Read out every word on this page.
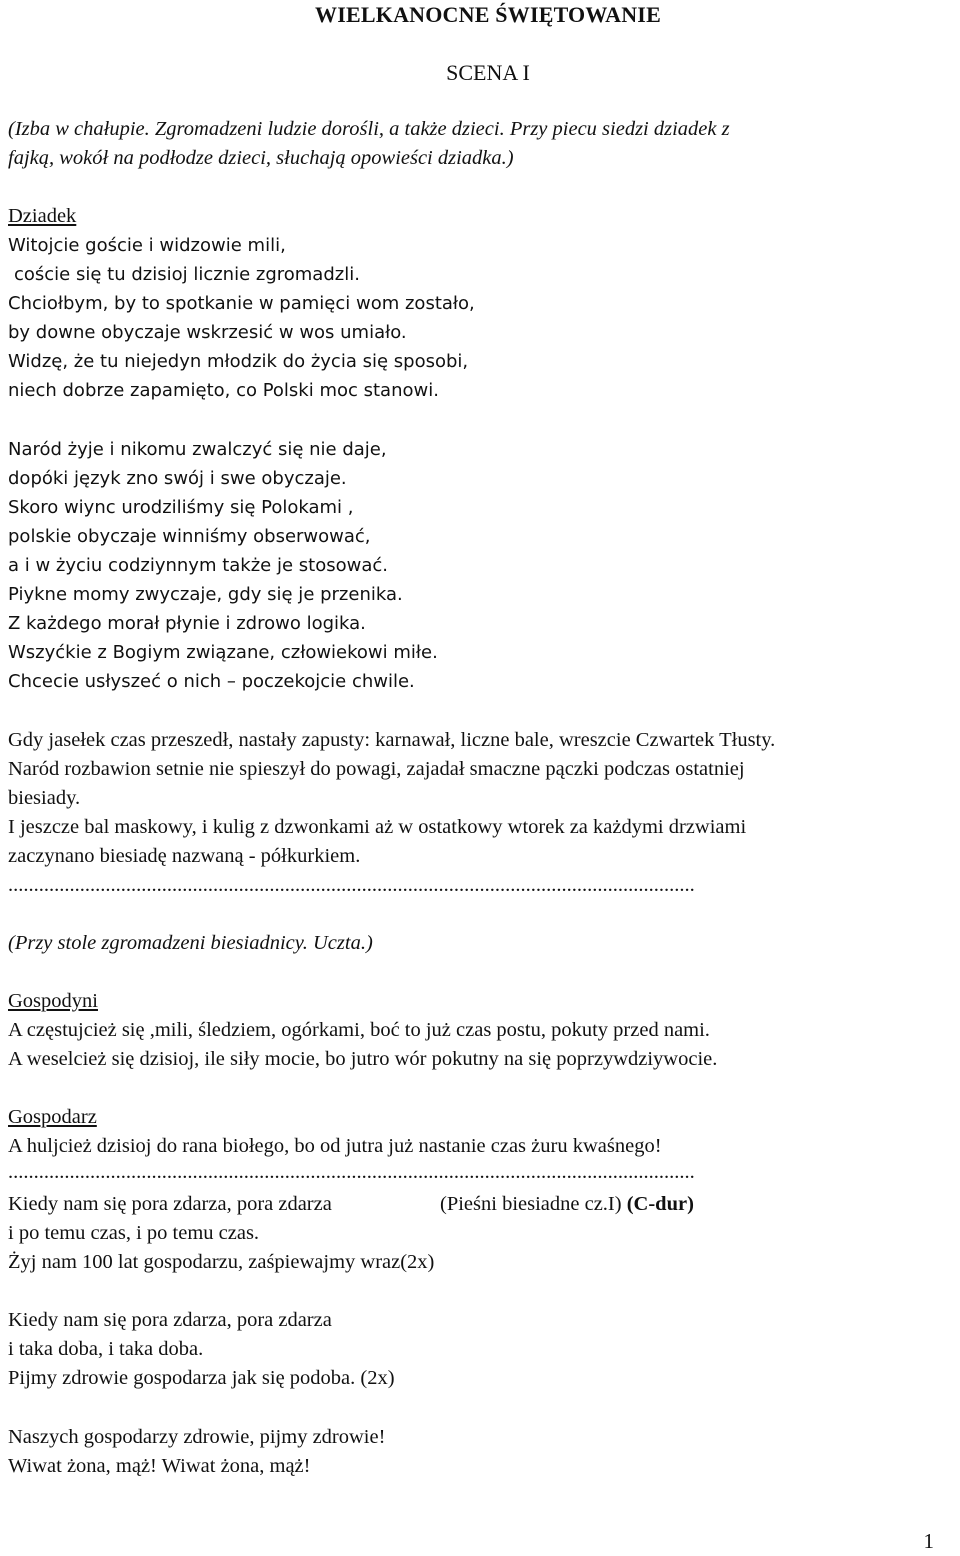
WIELKANOCNE ŚWIĘTOWANIE
SCENA I
(Izba w chałupie. Zgromadzeni ludzie dorośli, a także dzieci. Przy piecu siedzi dziadek z
fajką, wokół na podłodze dzieci, słuchają opowieści dziadka.)
Dziadek
Witojcie goście i widzowie mili,
coście się tu dzisioj licznie zgromadzli.
Chciołbym, by to spotkanie w pamięci wom zostało,
by downe obyczaje wskrzesić w wos umiało.
Widzę, że tu niejedyn młodzik do życia się sposobi,
niech dobrze zapamięto, co Polski moc stanowi.
Naród żyje i nikomu zwalczyć się nie daje,
dopóki język zno swój i swe obyczaje.
Skoro wiync urodziliśmy się Polokami ,
polskie obyczaje winniśmy obserwować,
a i w życiu codziynnym także je stosować.
Piykne momy zwyczaje, gdy się je przenika.
Z każdego morał płynie i zdrowo logika.
Wszyćkie z Bogiym związane, człowiekowi miłe.
Chcecie usłyszeć o nich – poczekojcie chwile.
Gdy jasełek czas przeszedł, nastały zapusty: karnawał, liczne bale, wreszcie Czwartek Tłusty.
Naród rozbawion setnie nie spieszył do powagi, zajadał smaczne pączki podczas ostatniej
biesiady.
I jeszcze bal maskowy, i kulig z dzwonkami aż w ostatkowy wtorek za każdymi drzwiami
zaczynano biesiadę nazwaną - półkurkiem.
......................................................................................................................................
(Przy stole zgromadzeni biesiadnicy. Uczta.)
Gospodyni
A częstujcież się ,mili, śledziem, ogórkami, boć to już czas postu, pokuty przed nami.
A weselcież się dzisioj, ile siły mocie, bo jutro wór pokutny na się poprzywdziywocie.
Gospodarz
A huljcież dzisioj do rana biołego, bo od jutra już nastanie czas żuru kwaśnego!
......................................................................................................................................
Kiedy nam się pora zdarza, pora zdarza	(Pieśni biesiadne cz.I) (C-dur)
i po temu czas, i po temu czas.
Żyj nam 100 lat gospodarzu, zaśpiewajmy wraz(2x)
Kiedy nam się pora zdarza, pora zdarza
i taka doba, i taka doba.
Pijmy zdrowie gospodarza jak się podoba. (2x)
Naszych gospodarzy zdrowie, pijmy zdrowie!
Wiwat żona, mąż! Wiwat żona, mąż!
1
